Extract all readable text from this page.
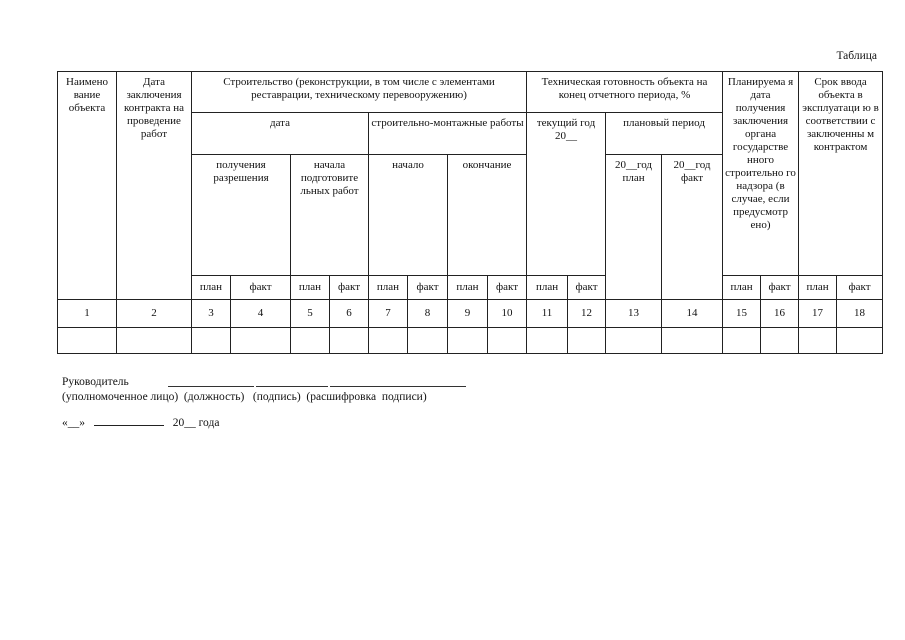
Таблица
Наимено вание объекта	Дата заключения контракта на проведение работ	Строительство (реконструкции, в том числе с элементами реставрации, техническому перевооружению)								Техническая готовность объекта на конец отчетного периода, %				Планируема я дата получения заключения органа государстве нного строительно го надзора (в случае, если предусмотр ено)		Срок ввода объекта в эксплуатаци ю в соответствии с заключенны м контрактом	
		дата				строительно-монтажные работы				текущий год 20__		плановый период					
		получения разрешения		начала подготовите льных работ		начало		окончание				20__год план	20__год факт				
		план	факт	план	факт	план	факт	план	факт	план	факт			план	факт	план	факт
1	2	3	4	5	6	7	8	9	10	11	12	13	14	15	16	17	18

Руководитель
(уполномоченное лицо)  (должность)   (подпись)  (расшифровка  подписи)
«__»	20__ года
